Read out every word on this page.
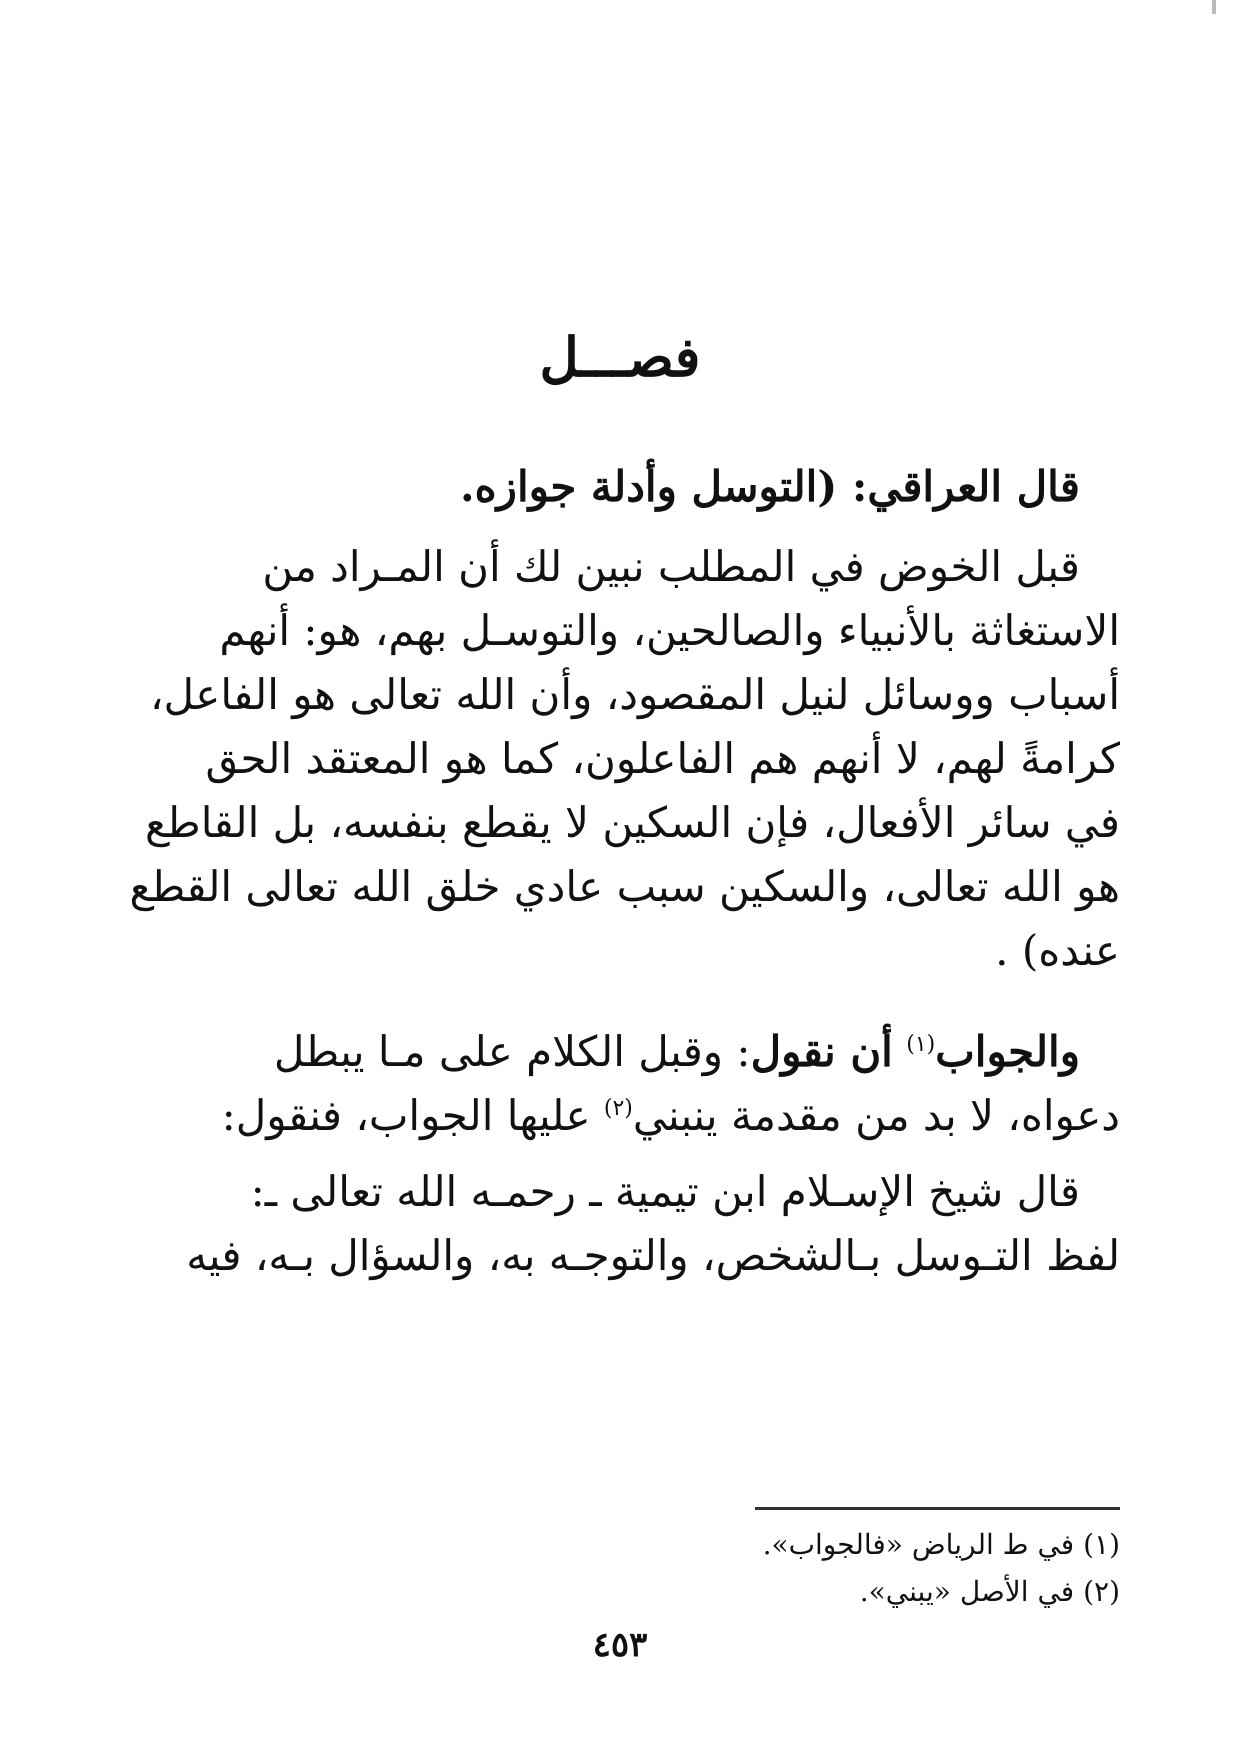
فصـــل
قال العراقي: (التوسل وأدلة جوازه.
قبل الخوض في المطلب نبين لك أن المـراد من
الاستغاثة بالأنبياء والصالحين، والتوسـل بهم، هو: أنهم
أسباب ووسائل لنيل المقصود، وأن الله تعالى هو الفاعل،
كرامةً لهم، لا أنهم هم الفاعلون، كما هو المعتقد الحق
في سائر الأفعال، فإن السكين لا يقطع بنفسه، بل القاطع
هو الله تعالى، والسكين سبب عادي خلق الله تعالى القطع
عنده) .
والجواب$^{(١)}$ أن نقول: وقبل الكلام على مـا يبطل
دعواه، لا بد من مقدمة ينبني$^{(٢)}$ عليها الجواب، فنقول:
قال شيخ الإسـلام ابن تيمية ـ رحمـه الله تعالى ـ:
لفظ التـوسل بـالشخص، والتوجـه به، والسؤال بـه، فيه
(١) في ط الرياض «فالجواب».
(٢) في الأصل «يبني».
٤٥٣
